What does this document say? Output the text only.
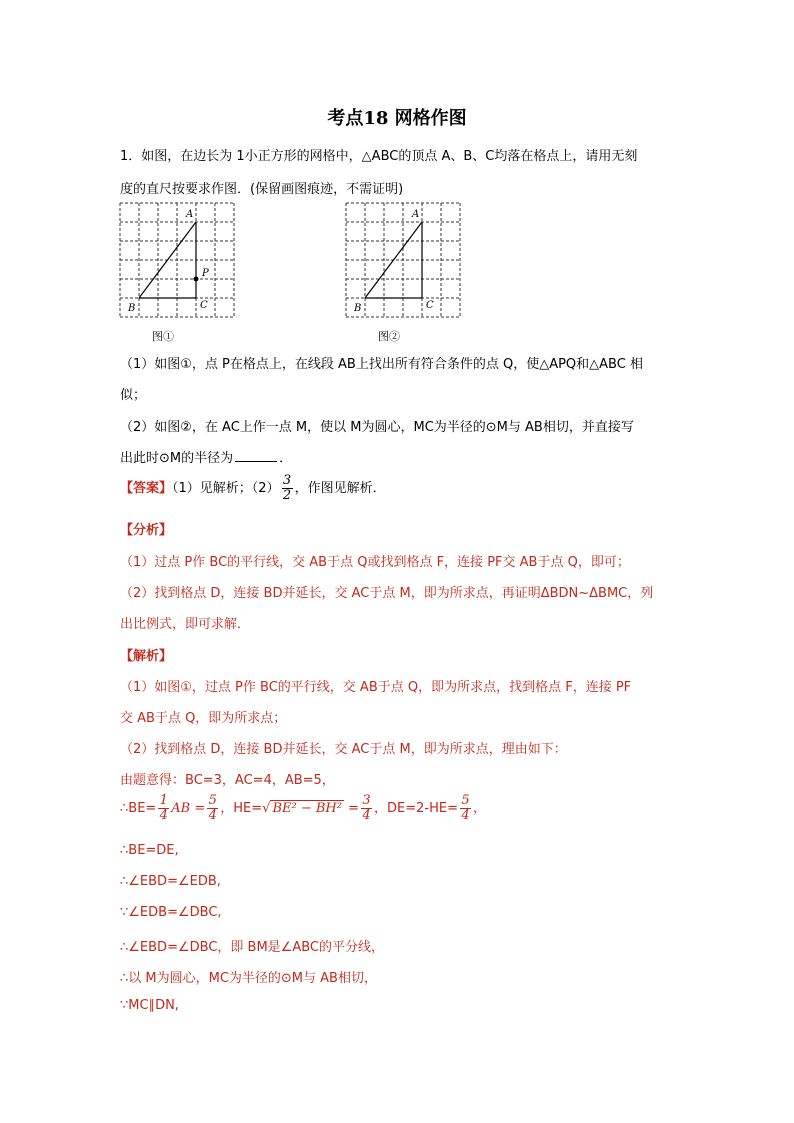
考点18 网格作图
1．如图，在边长为 1小正方形的网格中，△ABC的顶点 A、B、C均落在格点上，请用无刻
度的直尺按要求作图．(保留画图痕迹，不需证明)
A
B	C
P
图①
A
B	C
图②
（1）如图①，点 P在格点上，在线段 AB上找出所有符合条件的点 Q，使△APQ和△ABC 相
似；
（2）如图②，在 AC上作一点 M，使以 M为圆心，MC为半径的⊙M与 AB相切，并直接写
出此时⊙M的半径为	．
【答案】（1）见解析；$(2) \frac{3}{2}$ ，作图见解析．
【分析】
（1）过点 P作 BC的平行线，交 AB于点 Q或找到格点 F，连接 PF交 AB于点 Q，即可；
（2）找到格点 D，连接 BD并延长，交 AC于点 M，即为所求点，再证明ΔBDN~ΔBMC，列
出比例式，即可求解．
【解析】
（1）如图①，过点 P作 BC的平行线，交 AB于点 Q，即为所求点，找到格点 F，连接 PF
交 AB于点 Q，即为所求点；
（2）找到格点 D，连接 BD并延长，交 AC于点 M，即为所求点，理由如下：
由题意得：BC=3，AC=4，AB=5，
∴BE= $\frac{1}{4}$ AB = $\frac{5}{4}$ ，HE=√ $BE^2 - BH^2 = \frac{3}{4}$ ，$DE=2-HE= \frac{5}{4}$ ，
∴BE=DE,
∴∠EBD=∠EDB,
∵∠EDB=∠DBC,
∴∠EBD=∠DBC，即 BM是∠ABC的平分线，
∴以 M为圆心，MC为半径的⊙M与 AB相切，
∵MC∥DN,
